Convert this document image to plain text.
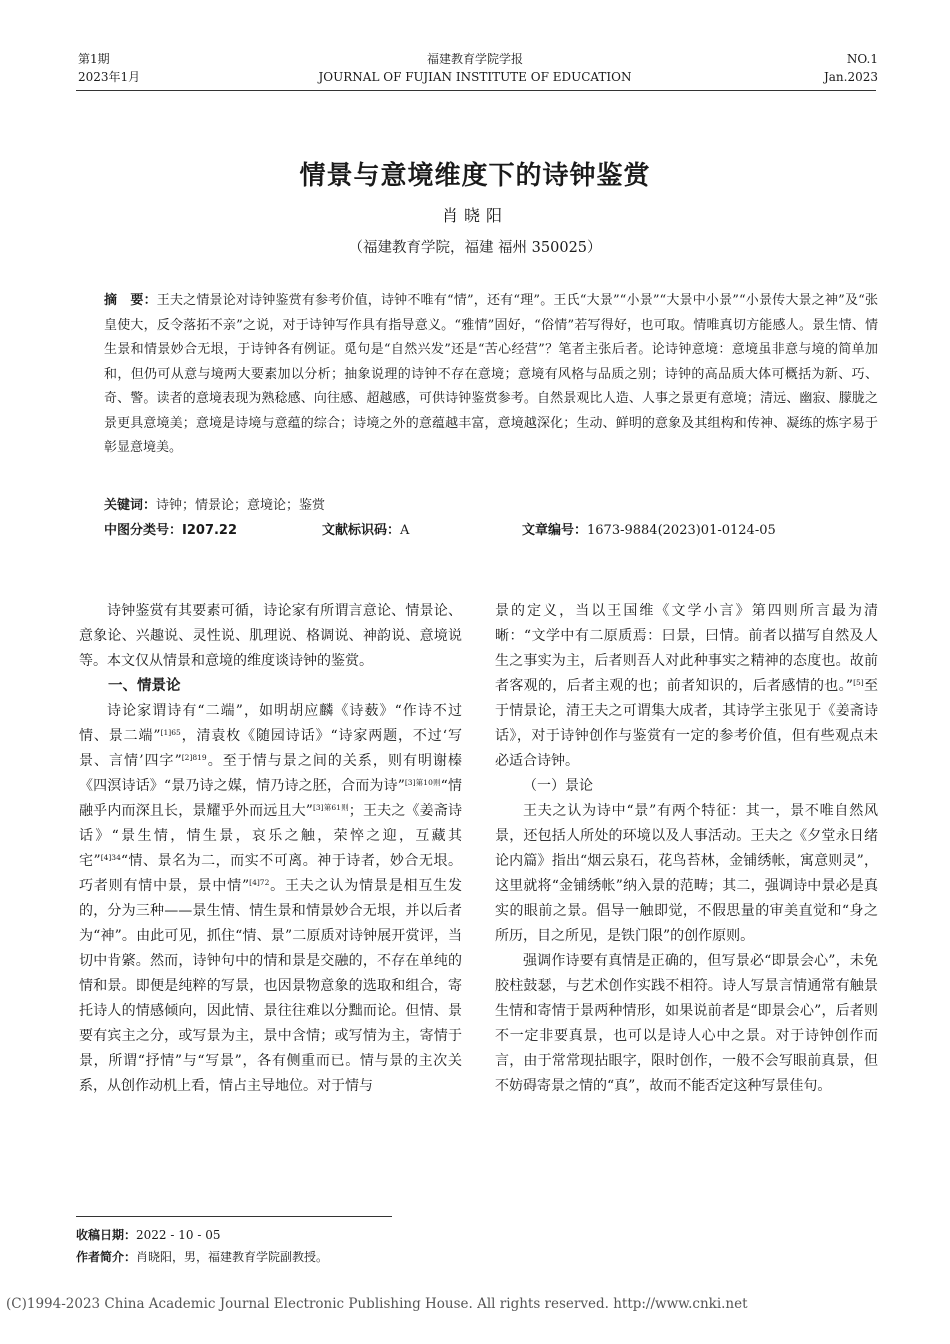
第1期
2023年1月
福建教育学院学报
JOURNAL OF FUJIAN INSTITUTE OF EDUCATION
NO.1
Jan.2023
情景与意境维度下的诗钟鉴赏
肖晓阳
（福建教育学院，福建 福州 350025）
摘　要：王夫之情景论对诗钟鉴赏有参考价值，诗钟不唯有“情”，还有“理”。王氏“大景”“小景”“大景中小景”“小景传大景之神”及“张皇使大，反令落拓不亲”之说，对于诗钟写作具有指导意义。“雅情”固好，“俗情”若写得好，也可取。情唯真切方能感人。景生情、情生景和情景妙合无垠，于诗钟各有例证。觅句是“自然兴发”还是“苦心经营”？笔者主张后者。论诗钟意境：意境虽非意与境的简单加和，但仍可从意与境两大要素加以分析；抽象说理的诗钟不存在意境；意境有风格与品质之别；诗钟的高品质大体可概括为新、巧、奇、警。读者的意境表现为熟稔感、向往感、超越感，可供诗钟鉴赏参考。自然景观比人造、人事之景更有意境；清远、幽寂、朦胧之景更具意境美；意境是诗境与意蕴的综合；诗境之外的意蕴越丰富，意境越深化；生动、鲜明的意象及其组构和传神、凝练的炼字易于彰显意境美。
关键词：诗钟；情景论；意境论；鉴赏
中图分类号：I207.22	文献标识码：A	文章编号：1673-9884(2023)01-0124-05

诗钟鉴赏有其要素可循，诗论家有所谓言意论、情景论、意象论、兴趣说、灵性说、肌理说、格调说、神韵说、意境说等。本文仅从情景和意境的维度谈诗钟的鉴赏。

一、情景论

诗论家谓诗有“二端”，如明胡应麟《诗薮》“作诗不过情、景二端”$^{[1]65}$，清袁枚《随园诗话》“诗家两题，不过‘写景、言情’四字”$^{[2]819}$。至于情与景之间的关系，则有明谢榛《四溟诗话》“景乃诗之媒，情乃诗之胚，合而为诗”$^{[3]第10则}$“情融乎内而深且长，景耀乎外而远且大”$^{[3]第61则}$；王夫之《姜斋诗话》“景生情，情生景，哀乐之触，荣悴之迎，互藏其宅”$^{[4]34}$“情、景名为二，而实不可离。神于诗者，妙合无垠。巧者则有情中景，景中情”$^{[4]72}$。王夫之认为情景是相互生发的，分为三种——景生情、情生景和情景妙合无垠，并以后者为“神”。由此可见，抓住“情、景”二原质对诗钟展开赏评，当切中肯綮。然而，诗钟句中的情和景是交融的，不存在单纯的情和景。即便是纯粹的写景，也因景物意象的选取和组合，寄托诗人的情感倾向，因此情、景往往难以分黜而论。但情、景要有宾主之分，或写景为主，景中含情；或写情为主，寄情于景，所谓“抒情”与“写景”，各有侧重而已。情与景的主次关系，从创作动机上看，情占主导地位。对于情与

景的定义，当以王国维《文学小言》第四则所言最为清晰：“文学中有二原质焉：曰景，曰情。前者以描写自然及人生之事实为主，后者则吾人对此种事实之精神的态度也。故前者客观的，后者主观的也；前者知识的，后者感情的也。”[5]至于情景论，清王夫之可谓集大成者，其诗学主张见于《姜斋诗话》，对于诗钟创作与鉴赏有一定的参考价值，但有些观点未必适合诗钟。

（一）景论

王夫之认为诗中“景”有两个特征：其一，景不唯自然风景，还包括人所处的环境以及人事活动。王夫之《夕堂永日绪论内篇》指出“烟云泉石，花鸟苔林，金铺绣帐，寓意则灵”，这里就将“金铺绣帐”纳入景的范畴；其二，强调诗中景必是真实的眼前之景。倡导一触即觉，不假思量的审美直觉和“身之所历，目之所见，是铁门限”的创作原则。

强调作诗要有真情是正确的，但写景必“即景会心”，未免胶柱鼓瑟，与艺术创作实践不相符。诗人写景言情通常有触景生情和寄情于景两种情形，如果说前者是“即景会心”，后者则不一定非要真景，也可以是诗人心中之景。对于诗钟创作而言，由于常常现拈眼字，限时创作，一般不会写眼前真景，但不妨碍寄景之情的“真”，故而不能否定这种写景佳句。

收稿日期：2022 - 10 - 05
作者简介：肖晓阳，男，福建教育学院副教授。
(C)1994-2023 China Academic Journal Electronic Publishing House. All rights reserved. http://www.cnki.net
